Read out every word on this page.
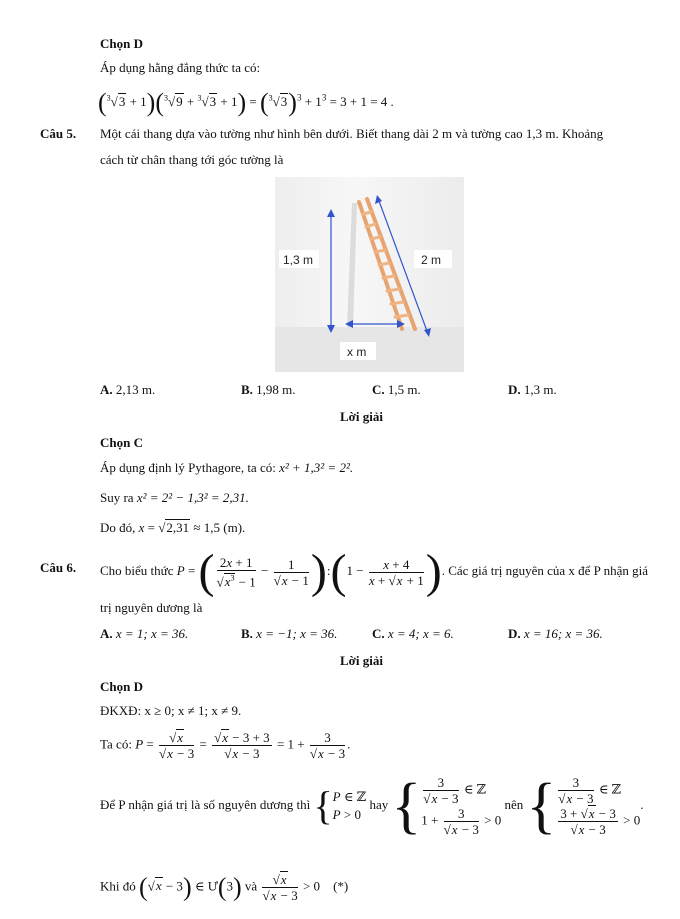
Chọn D
Áp dụng hằng đẳng thức ta có:
$(^3√3 + 1)(^3√9 + ^3√3 + 1) = (^3√3)^3 + 1^3 = 3 + 1 = 4$ .
Câu 5. Một cái thang dựa vào tường như hình bên dưới. Biết thang dài 2 m và tường cao 1,3 m. Khoảng
cách từ chân thang tới góc tường là
1,3 m	2 m
x m
A. 2,13 m.	B. 1,98 m.	C. 1,5 m.	D. 1,3 m.
Lời giải
Chọn C
Áp dụng định lý Pythagore, ta có: x² + 1,3² = 2².
Suy ra x² = 2² − 1,3² = 2,31.
Do đó, x = √2,31 ≈ 1,5 (m).
Câu 6. Cho biểu thức P = ( $\frac{2x + 1}{√x^3 - 1} - \frac{1}{√x - 1}$ ):(1 − $\frac{x + 4}{x + √x + 1}$ ). Các giá trị nguyên của x để P nhận giá
trị nguyên dương là
A. x = 1; x = 36.	B. x = −1; x = 36.	C. x = 4; x = 6.	D. x = 16; x = 36.
Lời giải
Chọn D
ĐKXĐ: x ≥ 0; x ≠ 1; x ≠ 9.
Ta có: $P = \frac{√x}{√x - 3} = \frac{√x - 3 + 3}{√x - 3} = 1 + \frac{3}{√x - 3}$ .
Để P nhận giá trị là số nguyên dương thì { P ∈ ℤ
P > 0
hay { $\frac{3}{√x - 3}$ ∈ ℤ
$1 + \frac{3}{√x - 3} > 0$
nên { $\frac{3}{√x - 3}$ ∈ ℤ
$\frac{3 + √x - 3}{√x - 3} > 0$
.
Khi đó (√x − 3) ∈ Ư(3) và $\frac{√x}{√x - 3} > 0$    (*)
